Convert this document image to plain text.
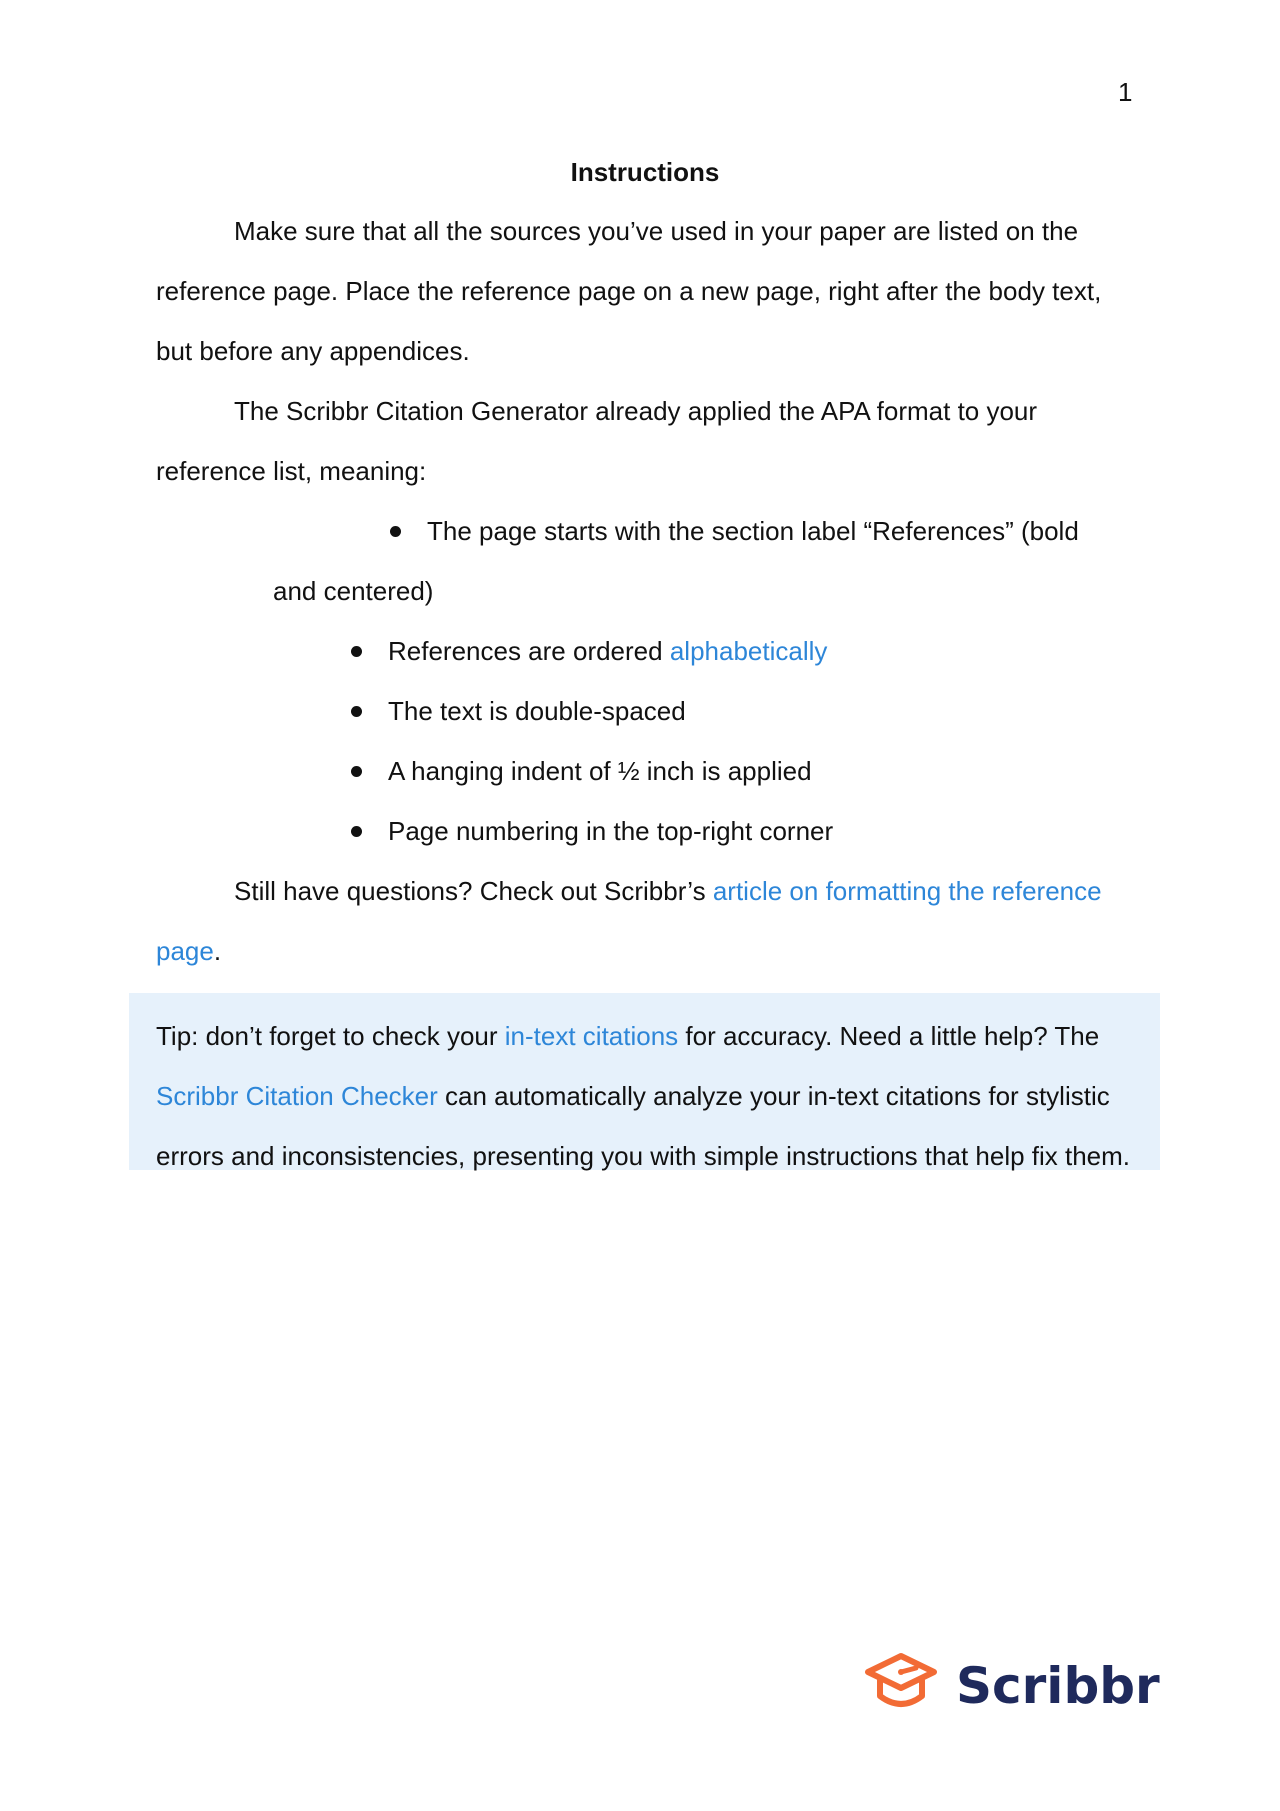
1
Instructions

Make sure that all the sources you’ve used in your paper are listed on the reference page. Place the reference page on a new page, right after the body text, but before any appendices.

The Scribbr Citation Generator already applied the APA format to your reference list, meaning:

The page starts with the section label “References” (bold and centered)
References are ordered alphabetically
The text is double-spaced
A hanging indent of ½ inch is applied
Page numbering in the top-right corner

Still have questions? Check out Scribbr’s article on formatting the reference page.

Tip: don’t forget to check your in-text citations for accuracy. Need a little help? The Scribbr Citation Checker can automatically analyze your in-text citations for stylistic errors and inconsistencies, presenting you with simple instructions that help fix them.

Scribbr
